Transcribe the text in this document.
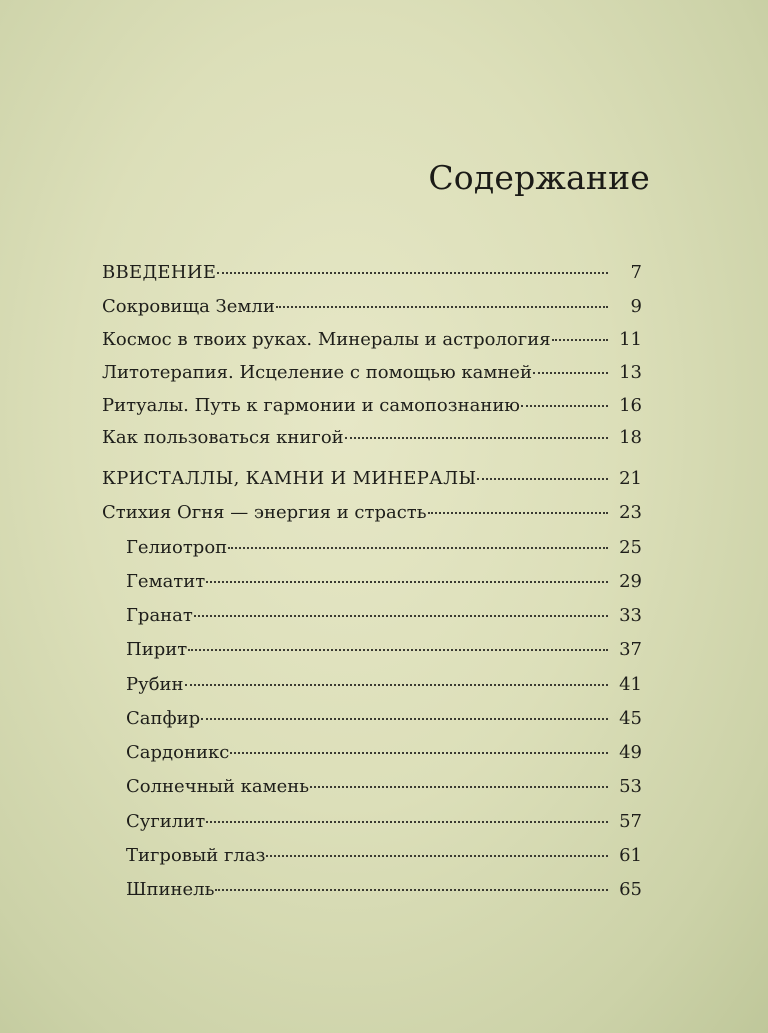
Содержание
ВВЕДЕНИЕ	7
Сокровища Земли	9
Космос в твоих руках. Минералы и астрология	11
Литотерапия. Исцеление с помощью камней	13
Ритуалы. Путь к гармонии и самопознанию	16
Как пользоваться книгой	18
КРИСТАЛЛЫ, КАМНИ И МИНЕРАЛЫ	21
Стихия Огня — энергия и страсть	23
Гелиотроп	25
Гематит	29
Гранат	33
Пирит	37
Рубин	41
Сапфир	45
Сардоникс	49
Солнечный камень	53
Сугилит	57
Тигровый глаз	61
Шпинель	65
